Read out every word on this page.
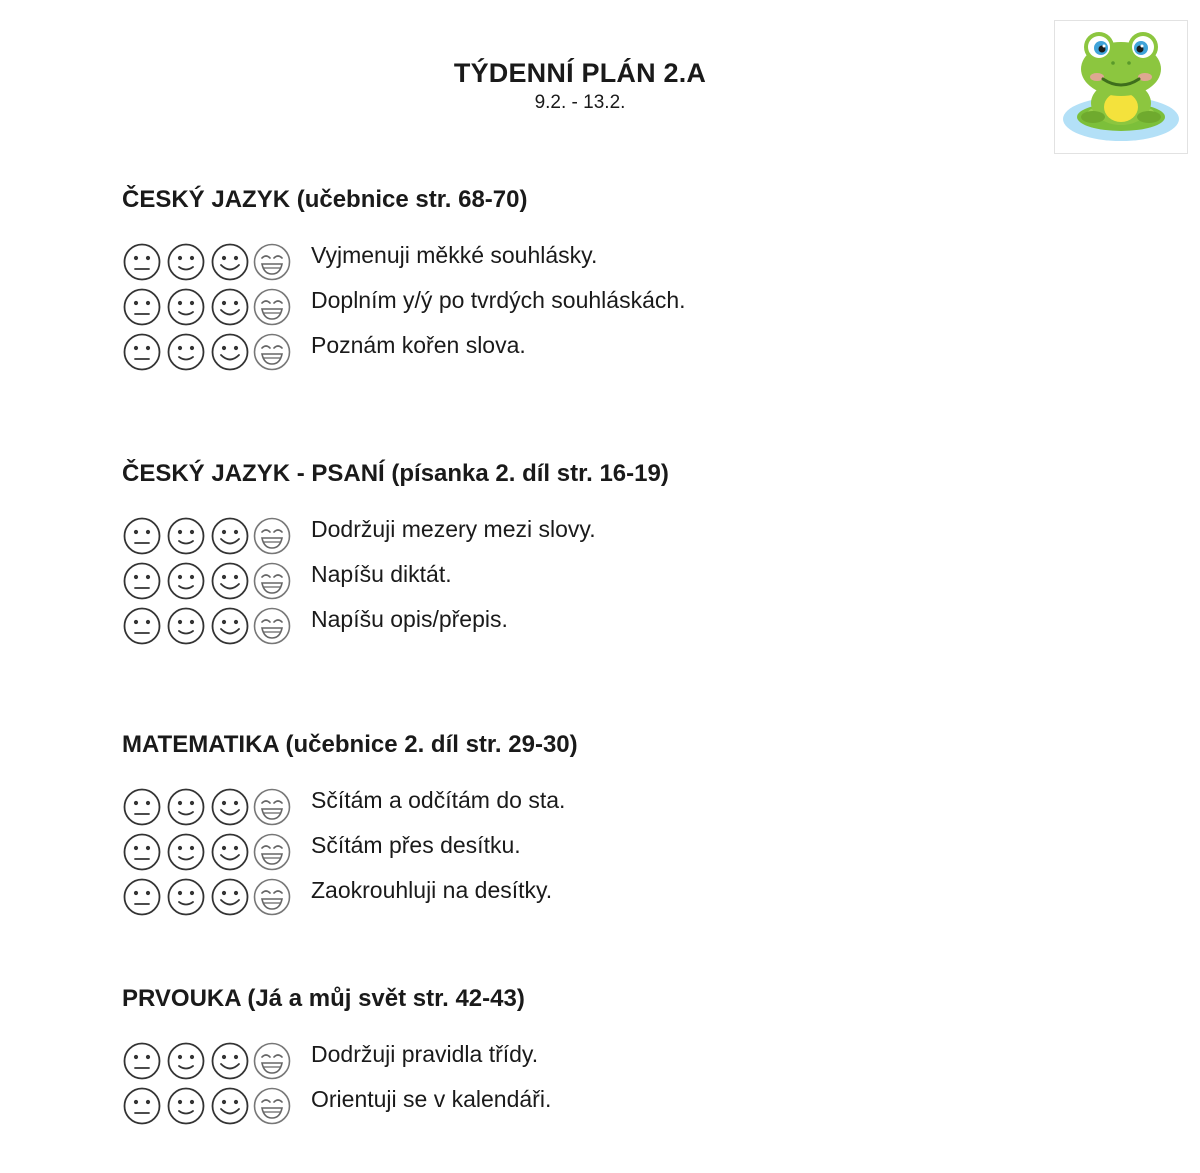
TÝDENNÍ PLÁN 2.A
9.2. - 13.2.
ČESKÝ JAZYK (učebnice str. 68-70)
Vyjmenuji měkké souhlásky.
Doplním y/ý po tvrdých souhláskách.
Poznám kořen slova.
ČESKÝ JAZYK - PSANÍ (písanka 2. díl str. 16-19)
Dodržuji mezery mezi slovy.
Napíšu diktát.
Napíšu opis/přepis.
MATEMATIKA (učebnice 2. díl str. 29-30)
Sčítám a odčítám do sta.
Sčítám přes desítku.
Zaokrouhluji na desítky.
PRVOUKA (Já a můj svět str. 42-43)
Dodržuji pravidla třídy.
Orientuji se v kalendáři.
